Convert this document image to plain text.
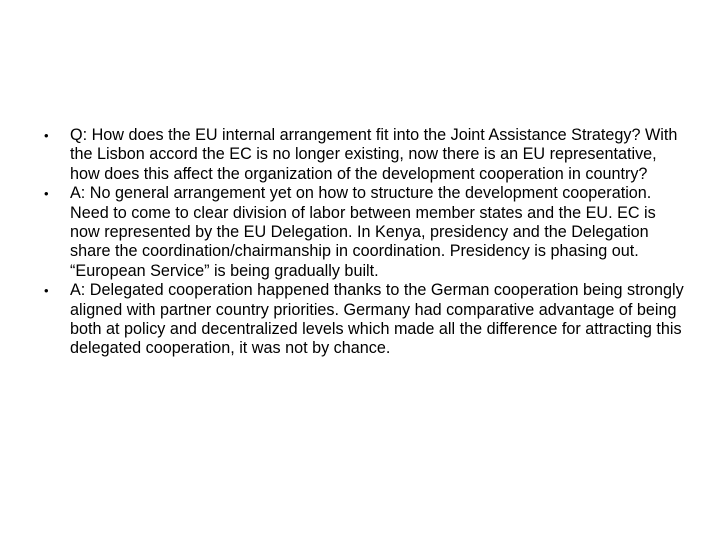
•	Q: How does the EU internal arrangement fit into the Joint Assistance Strategy? With the Lisbon accord the EC is no longer existing, now there is an EU representative, how does this affect the organization of the development cooperation in country?
•	A: No general arrangement yet on how to structure the development cooperation. Need to come to clear division of labor between member states and the EU. EC is now represented by the EU Delegation. In Kenya, presidency and the Delegation share the coordination/chairmanship in coordination. Presidency is phasing out. “European Service” is being gradually built.
•	A: Delegated cooperation happened thanks to the German cooperation being strongly aligned with partner country priorities. Germany had comparative advantage of being both at policy and decentralized levels which made all the difference for attracting this delegated cooperation, it was not by chance.
